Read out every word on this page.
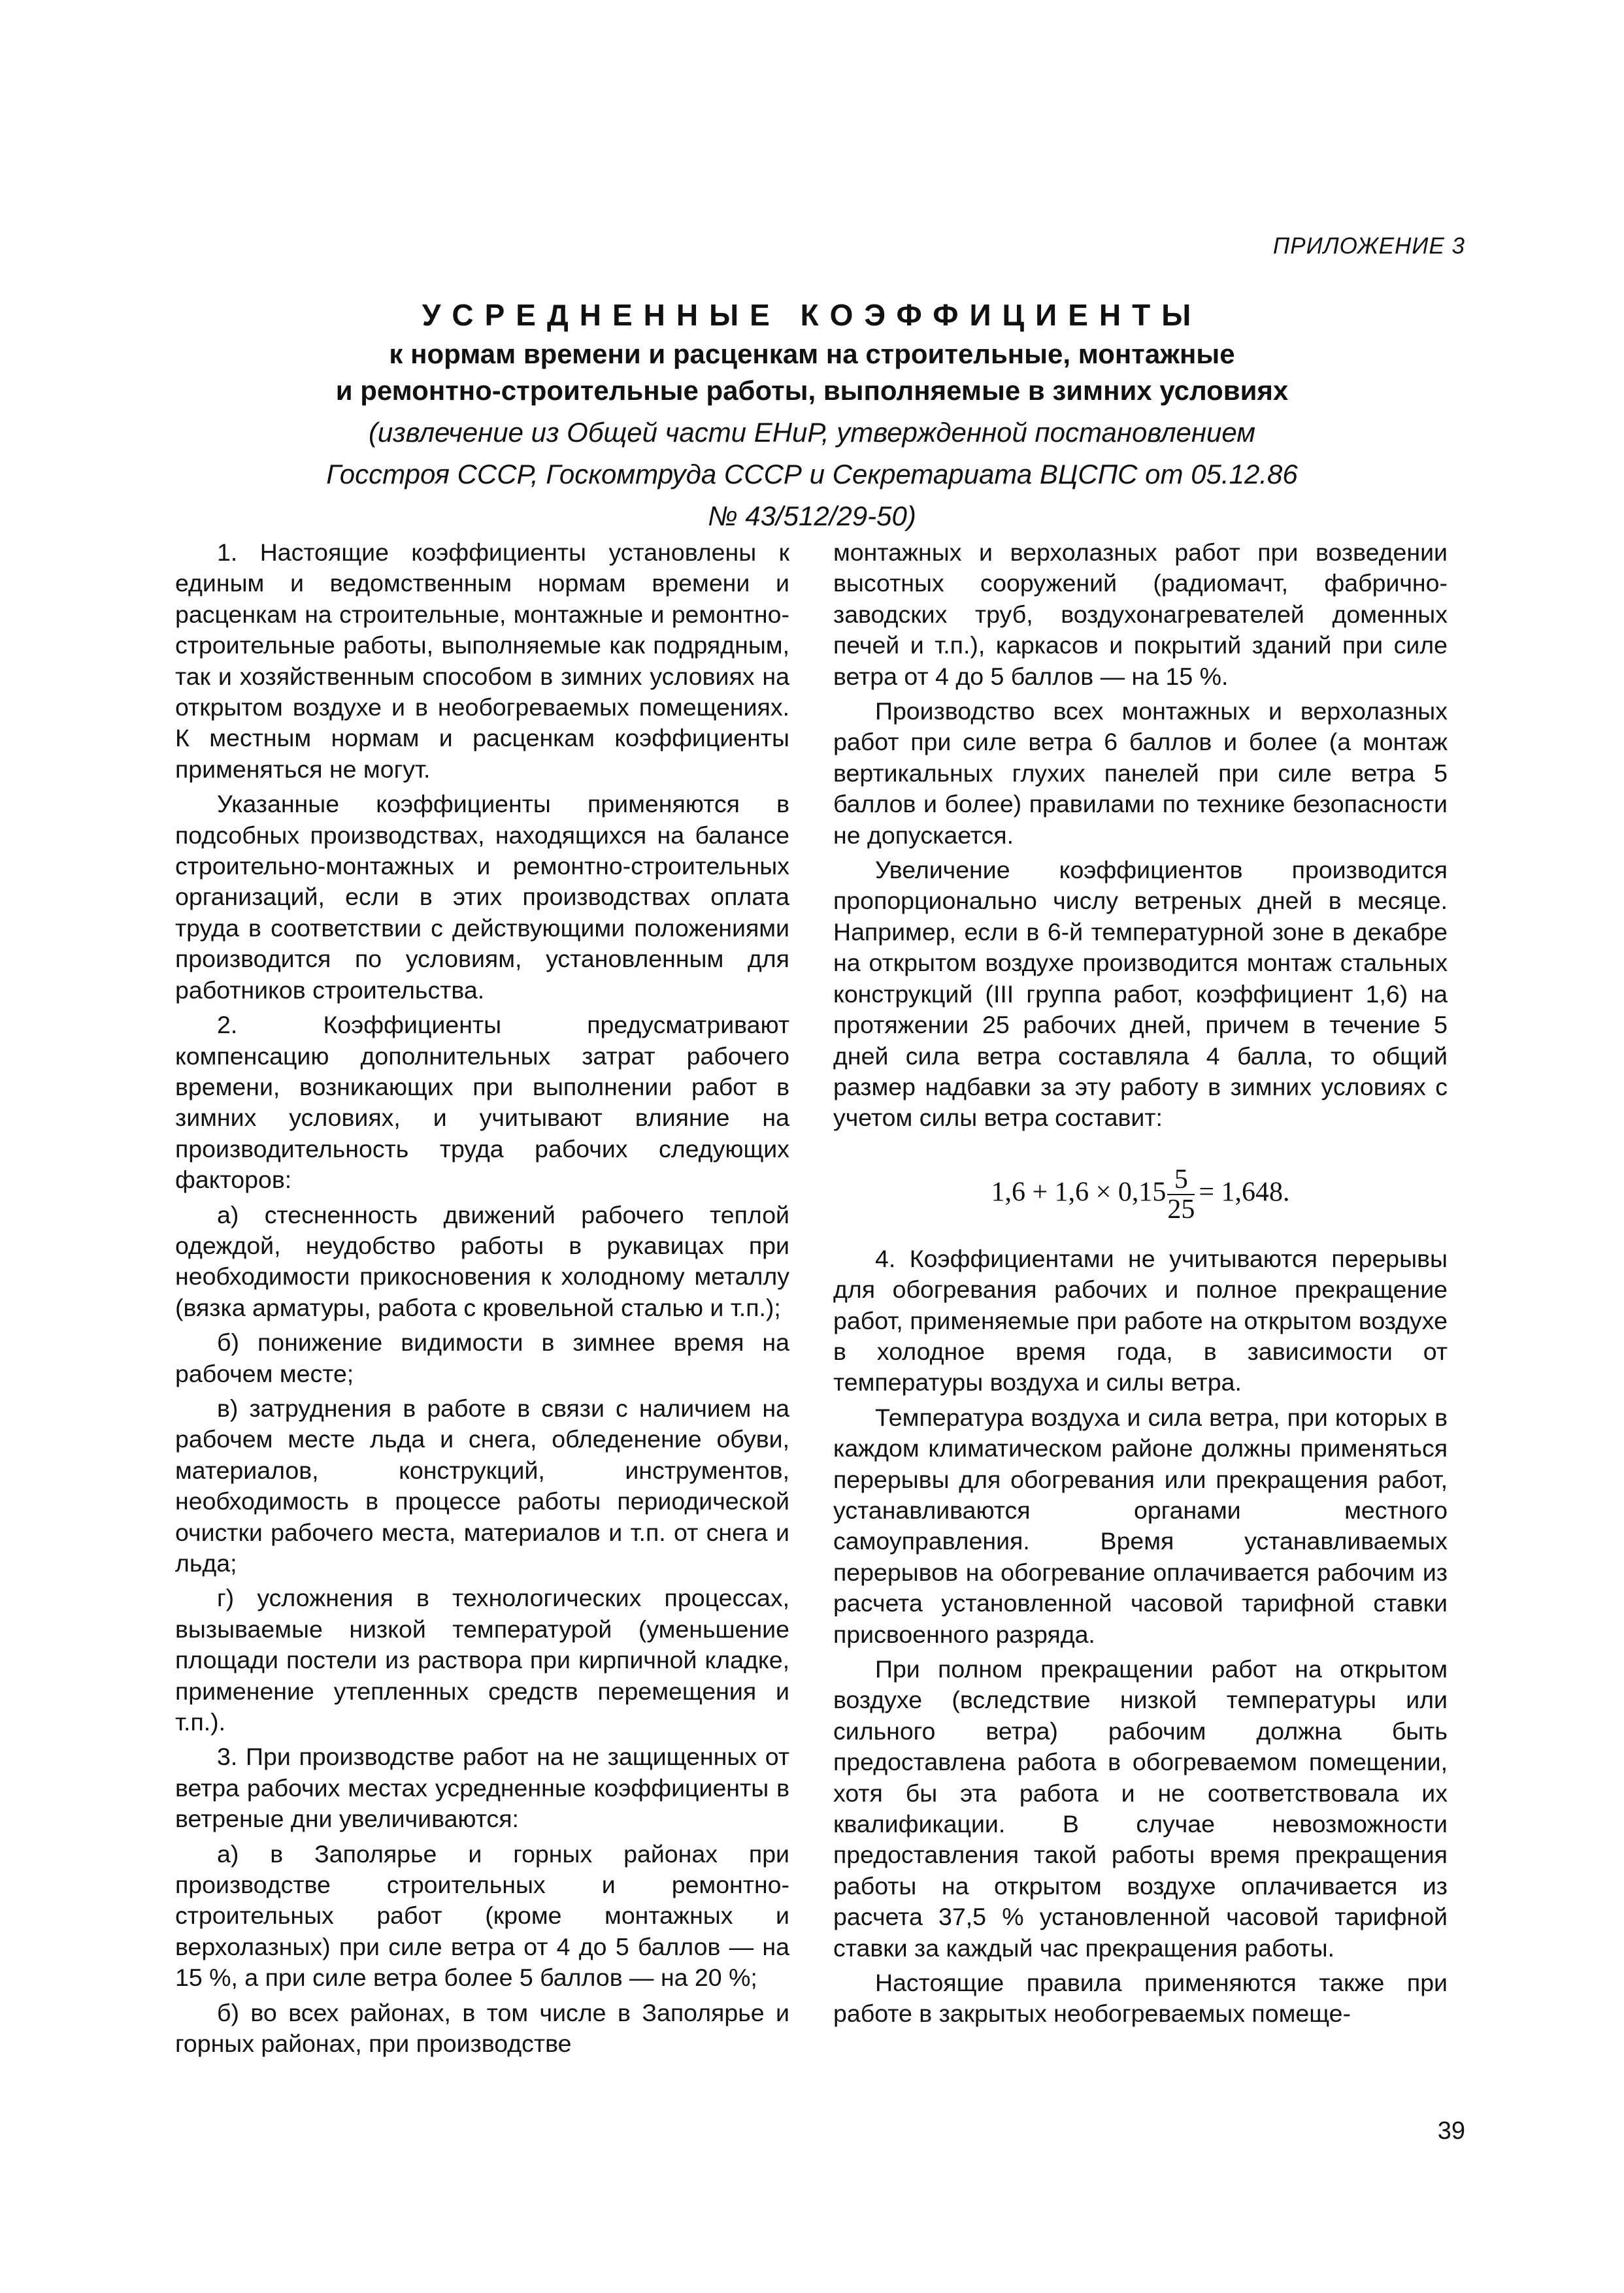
ПРИЛОЖЕНИЕ 3
УСРЕДНЕННЫЕ КОЭФФИЦИЕНТЫ
к нормам времени и расценкам на строительные, монтажные
и ремонтно-строительные работы, выполняемые в зимних условиях
(извлечение из Общей части ЕНиР, утвержденной постановлением
Госстроя СССР, Госкомтруда СССР и Секретариата ВЦСПС от 05.12.86
№ 43/512/29-50)

1. Настоящие коэффициенты установлены к единым и ведомственным нормам времени и расценкам на строительные, монтажные и ремонтно-строительные работы, выполняемые как подрядным, так и хозяйственным способом в зимних условиях на открытом воздухе и в необогреваемых помещениях. К местным нормам и расценкам коэффициенты применяться не могут.

Указанные коэффициенты применяются в подсобных производствах, находящихся на балансе строительно-монтажных и ремонтно-строительных организаций, если в этих производствах оплата труда в соответствии с действующими положениями производится по условиям, установленным для работников строительства.

2. Коэффициенты предусматривают компенсацию дополнительных затрат рабочего времени, возникающих при выполнении работ в зимних условиях, и учитывают влияние на производительность труда рабочих следующих факторов:

а) стесненность движений рабочего теплой одеждой, неудобство работы в рукавицах при необходимости прикосновения к холодному металлу (вязка арматуры, работа с кровельной сталью и т.п.);

б) понижение видимости в зимнее время на рабочем месте;

в) затруднения в работе в связи с наличием на рабочем месте льда и снега, обледенение обуви, материалов, конструкций, инструментов, необходимость в процессе работы периодической очистки рабочего места, материалов и т.п. от снега и льда;

г) усложнения в технологических процессах, вызываемые низкой температурой (уменьшение площади постели из раствора при кирпичной кладке, применение утепленных средств перемещения и т.п.).

3. При производстве работ на не защищенных от ветра рабочих местах усредненные коэффициенты в ветреные дни увеличиваются:

а) в Заполярье и горных районах при производстве строительных и ремонтно-строительных работ (кроме монтажных и верхолазных) при силе ветра от 4 до 5 баллов — на 15 %, а при силе ветра более 5 баллов — на 20 %;

б) во всех районах, в том числе в Заполярье и горных районах, при производстве

монтажных и верхолазных работ при возведении высотных сооружений (радиомачт, фабрично-заводских труб, воздухонагревателей доменных печей и т.п.), каркасов и покрытий зданий при силе ветра от 4 до 5 баллов — на 15 %.

Производство всех монтажных и верхолазных работ при силе ветра 6 баллов и более (а монтаж вертикальных глухих панелей при силе ветра 5 баллов и более) правилами по технике безопасности не допускается.

Увеличение коэффициентов производится пропорционально числу ветреных дней в месяце. Например, если в 6-й температурной зоне в декабре на открытом воздухе производится монтаж стальных конструкций (III группа работ, коэффициент 1,6) на протяжении 25 рабочих дней, причем в течение 5 дней сила ветра составляла 4 балла, то общий размер надбавки за эту работу в зимних условиях с учетом силы ветра составит:

$1,6 + 1,6 \times 0,15 \frac{5}{25} = 1,648$.

4. Коэффициентами не учитываются перерывы для обогревания рабочих и полное прекращение работ, применяемые при работе на открытом воздухе в холодное время года, в зависимости от температуры воздуха и силы ветра.

Температура воздуха и сила ветра, при которых в каждом климатическом районе должны применяться перерывы для обогревания или прекращения работ, устанавливаются органами местного самоуправления. Время устанавливаемых перерывов на обогревание оплачивается рабочим из расчета установленной часовой тарифной ставки присвоенного разряда.

При полном прекращении работ на открытом воздухе (вследствие низкой температуры или сильного ветра) рабочим должна быть предоставлена работа в обогреваемом помещении, хотя бы эта работа и не соответствовала их квалификации. В случае невозможности предоставления такой работы время прекращения работы на открытом воздухе оплачивается из расчета 37,5 % установленной часовой тарифной ставки за каждый час прекращения работы.

Настоящие правила применяются также при работе в закрытых необогреваемых помеще-

39
